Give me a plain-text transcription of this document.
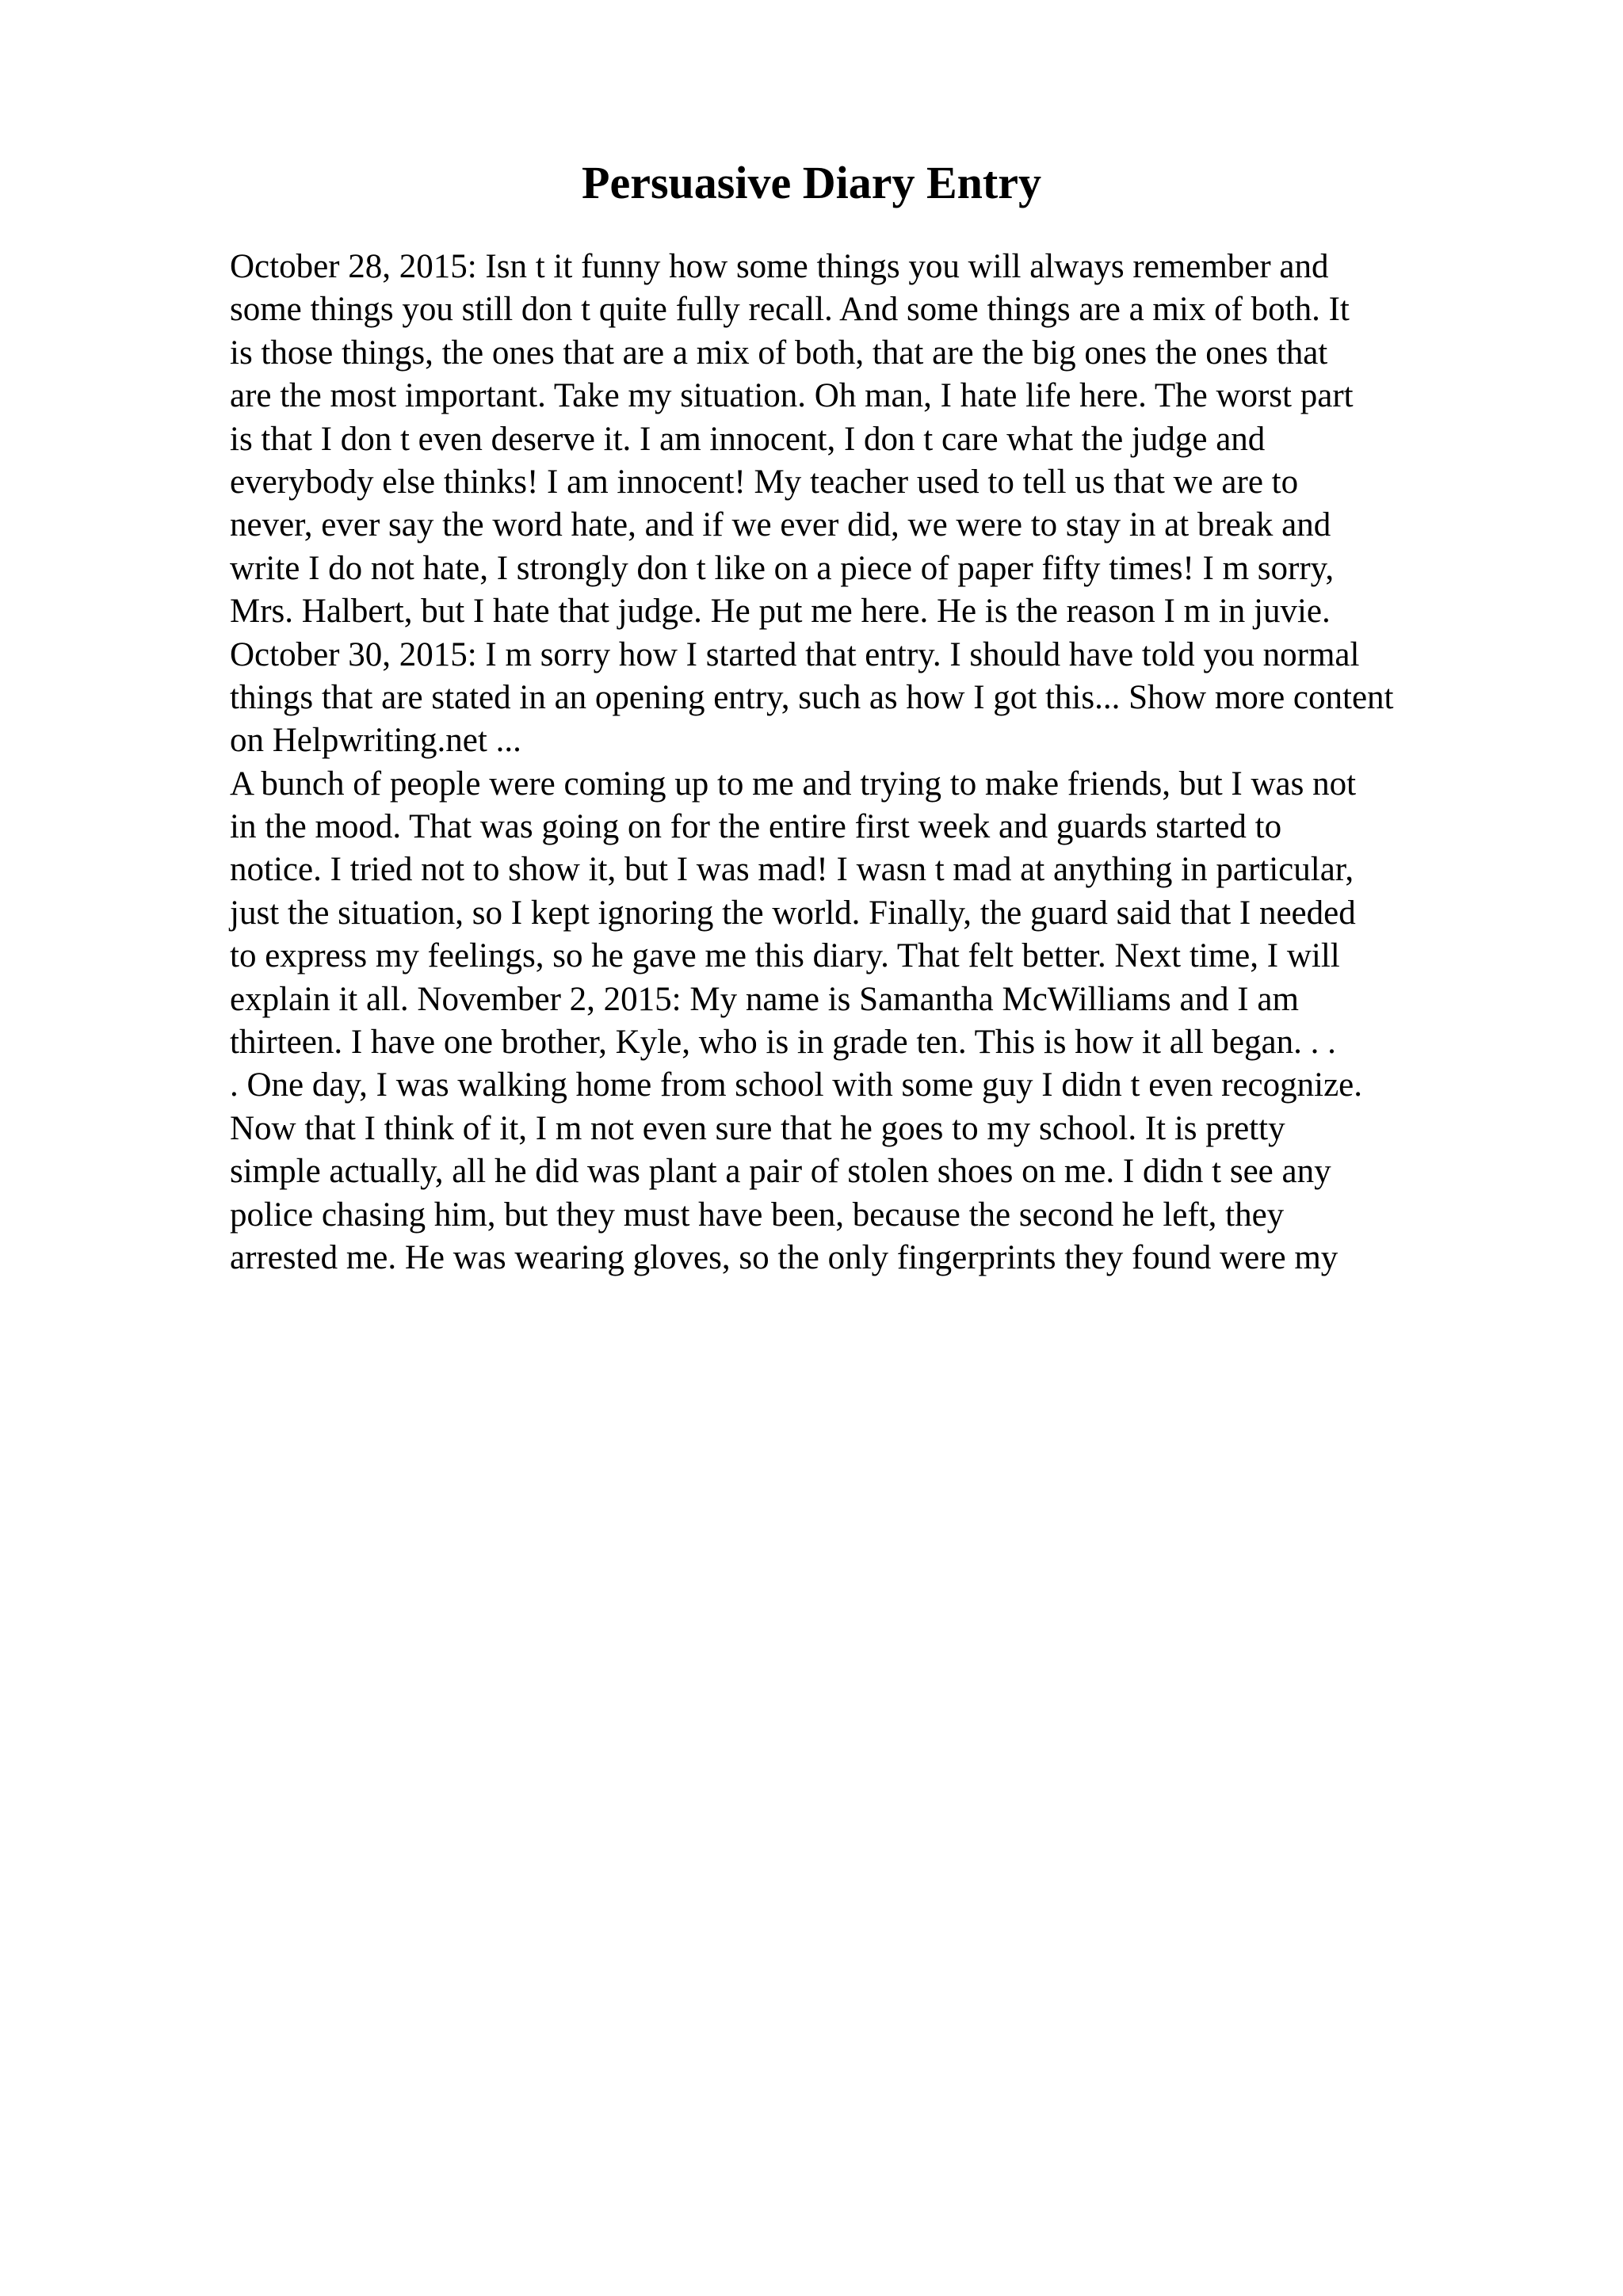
Persuasive Diary Entry
October 28, 2015: Isn t it funny how some things you will always remember and
some things you still don t quite fully recall. And some things are a mix of both. It
is those things, the ones that are a mix of both, that are the big ones the ones that
are the most important. Take my situation. Oh man, I hate life here. The worst part
is that I don t even deserve it. I am innocent, I don t care what the judge and
everybody else thinks! I am innocent! My teacher used to tell us that we are to
never, ever say the word hate, and if we ever did, we were to stay in at break and
write I do not hate, I strongly don t like on a piece of paper fifty times! I m sorry,
Mrs. Halbert, but I hate that judge. He put me here. He is the reason I m in juvie.
October 30, 2015: I m sorry how I started that entry. I should have told you normal
things that are stated in an opening entry, such as how I got this... Show more content
on Helpwriting.net ...
A bunch of people were coming up to me and trying to make friends, but I was not
in the mood. That was going on for the entire first week and guards started to
notice. I tried not to show it, but I was mad! I wasn t mad at anything in particular,
just the situation, so I kept ignoring the world. Finally, the guard said that I needed
to express my feelings, so he gave me this diary. That felt better. Next time, I will
explain it all. November 2, 2015: My name is Samantha McWilliams and I am
thirteen. I have one brother, Kyle, who is in grade ten. This is how it all began. . .
. One day, I was walking home from school with some guy I didn t even recognize.
Now that I think of it, I m not even sure that he goes to my school. It is pretty
simple actually, all he did was plant a pair of stolen shoes on me. I didn t see any
police chasing him, but they must have been, because the second he left, they
arrested me. He was wearing gloves, so the only fingerprints they found were my
